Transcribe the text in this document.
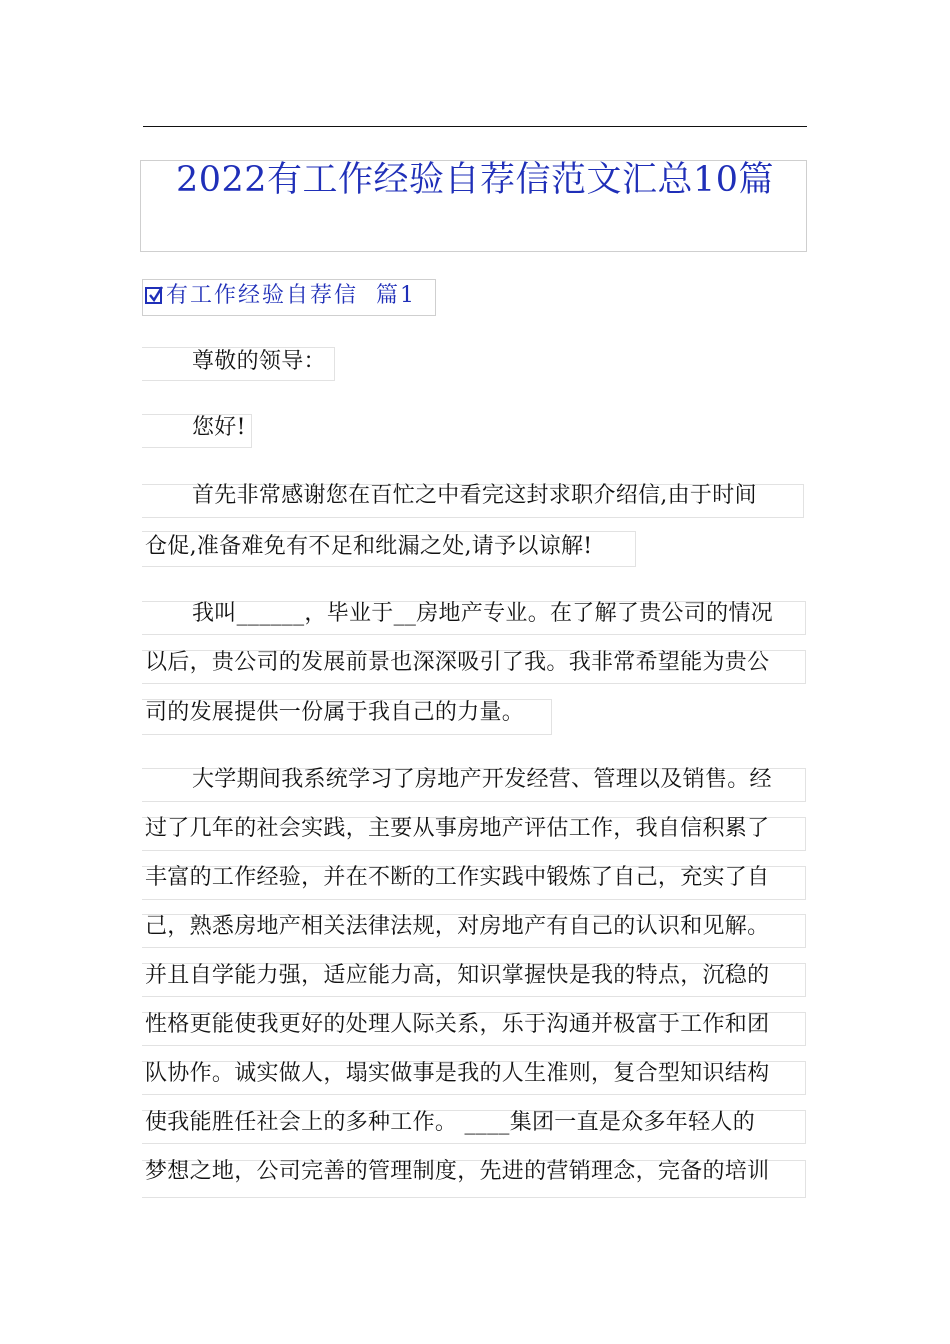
2022有工作经验自荐信范文汇总10篇
有工作经验自荐信  篇1
尊敬的领导：
您好!
首先非常感谢您在百忙之中看完这封求职介绍信,由于时间
仓促,准备难免有不足和纰漏之处,请予以谅解!
我叫______，毕业于__房地产专业。在了解了贵公司的情况
以后，贵公司的发展前景也深深吸引了我。我非常希望能为贵公
司的发展提供一份属于我自己的力量。
大学期间我系统学习了房地产开发经营、管理以及销售。经
过了几年的社会实践，主要从事房地产评估工作，我自信积累了
丰富的工作经验，并在不断的工作实践中锻炼了自己，充实了自
己，熟悉房地产相关法律法规，对房地产有自己的认识和见解。
并且自学能力强，适应能力高，知识掌握快是我的特点，沉稳的
性格更能使我更好的处理人际关系，乐于沟通并极富于工作和团
队协作。诚实做人，塌实做事是我的人生准则，复合型知识结构
使我能胜任社会上的多种工作。 ____集团一直是众多年轻人的
梦想之地，公司完善的管理制度，先进的营销理念，完备的培训
